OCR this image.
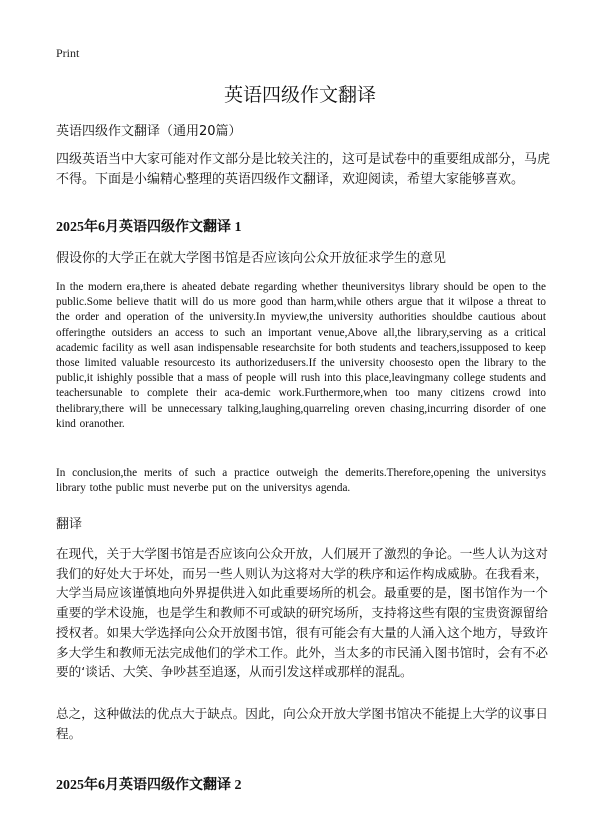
Print
英语四级作文翻译
英语四级作文翻译（通用20篇）
四级英语当中大家可能对作文部分是比较关注的，这可是试卷中的重要组成部分，马虎不得。下面是小编精心整理的英语四级作文翻译，欢迎阅读，希望大家能够喜欢。
2025年6月英语四级作文翻译 1
假设你的大学正在就大学图书馆是否应该向公众开放征求学生的意见
In the modern era,there is aheated debate regarding whether theuniversitys library should be open to the public.Some believe thatit will do us more good than harm,while others argue that it wilpose a threat to the order and operation of the university.In myview,the university authorities shouldbe cautious about offeringthe outsiders an access to such an important venue,Above all,the library,serving as a critical academic facility as well asan indispensable researchsite for both students and teachers,issupposed to keep those limited valuable resourcesto its authorizedusers.If the university choosesto open the library to the public,it ishighly possible that a mass of people will rush into this place,leavingmany college students and teachersunable to complete their aca-demic work.Furthermore,when too many citizens crowd into thelibrary,there will be unnecessary talking,laughing,quarreling oreven chasing,incurring disorder of one kind oranother.
In conclusion,the merits of such a practice outweigh the demerits.Therefore,opening the universitys library tothe public must neverbe put on the universitys agenda.
翻译
在现代，关于大学图书馆是否应该向公众开放，人们展开了激烈的争论。一些人认为这对我们的好处大于坏处，而另一些人则认为这将对大学的秩序和运作构成威胁。在我看来，大学当局应该谨慎地向外界提供进入如此重要场所的机会。最重要的是，图书馆作为一个重要的学术设施，也是学生和教师不可或缺的研究场所，支持将这些有限的宝贵资源留给授权者。如果大学选择向公众开放图书馆，很有可能会有大量的人涌入这个地方，导致许多大学生和教师无法完成他们的学术工作。此外，当太多的市民涌入图书馆时，会有不必要的‘谈话、大笑、争吵甚至追逐，从而引发这样或那样的混乱。
总之，这种做法的优点大于缺点。因此，向公众开放大学图书馆决不能提上大学的议事日程。
2025年6月英语四级作文翻译 2
